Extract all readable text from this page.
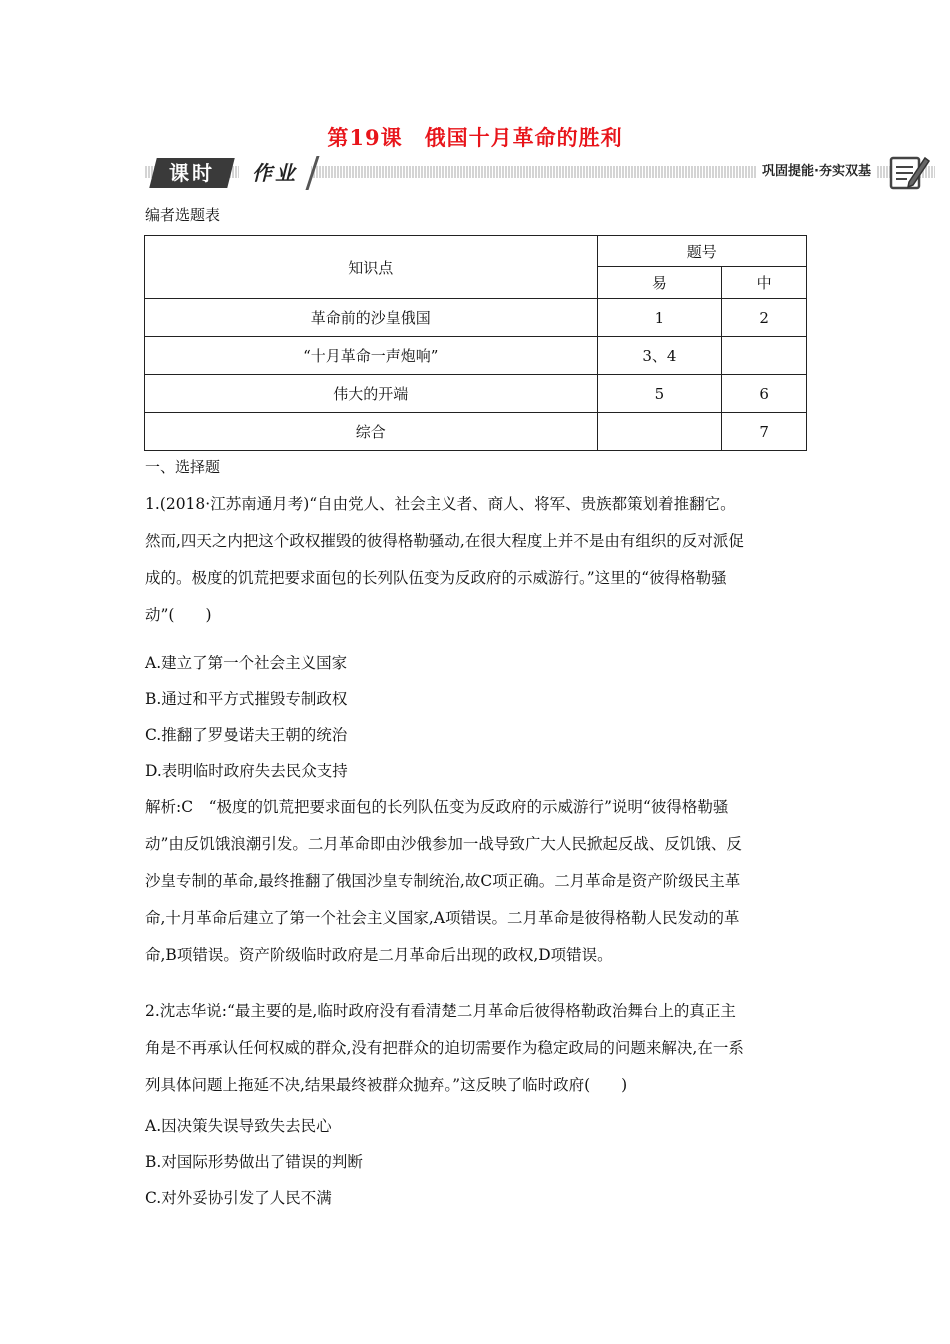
第19课 俄国十月革命的胜利
课时	作业	巩固提能·夯实双基
编者选题表
知识点	题号	
	易	中
革命前的沙皇俄国	1	2
“十月革命一声炮响”	3、4	
伟大的开端	5	6
综合		7
一、选择题

1.(2018·江苏南通月考)“自由党人、社会主义者、商人、将军、贵族都策划着推翻它。

然而,四天之内把这个政权摧毁的彼得格勒骚动,在很大程度上并不是由有组织的反对派促

成的。极度的饥荒把要求面包的长列队伍变为反政府的示威游行。”这里的“彼得格勒骚

动”(　　)

A.建立了第一个社会主义国家
B.通过和平方式摧毁专制政权
C.推翻了罗曼诺夫王朝的统治
D.表明临时政府失去民众支持

解析:C　“极度的饥荒把要求面包的长列队伍变为反政府的示威游行”说明“彼得格勒骚

动”由反饥饿浪潮引发。二月革命即由沙俄参加一战导致广大人民掀起反战、反饥饿、反

沙皇专制的革命,最终推翻了俄国沙皇专制统治,故C项正确。二月革命是资产阶级民主革

命,十月革命后建立了第一个社会主义国家,A项错误。二月革命是彼得格勒人民发动的革

命,B项错误。资产阶级临时政府是二月革命后出现的政权,D项错误。

2.沈志华说:“最主要的是,临时政府没有看清楚二月革命后彼得格勒政治舞台上的真正主

角是不再承认任何权威的群众,没有把群众的迫切需要作为稳定政局的问题来解决,在一系

列具体问题上拖延不决,结果最终被群众抛弃。”这反映了临时政府(　　)

A.因决策失误导致失去民心
B.对国际形势做出了错误的判断
C.对外妥协引发了人民不满
